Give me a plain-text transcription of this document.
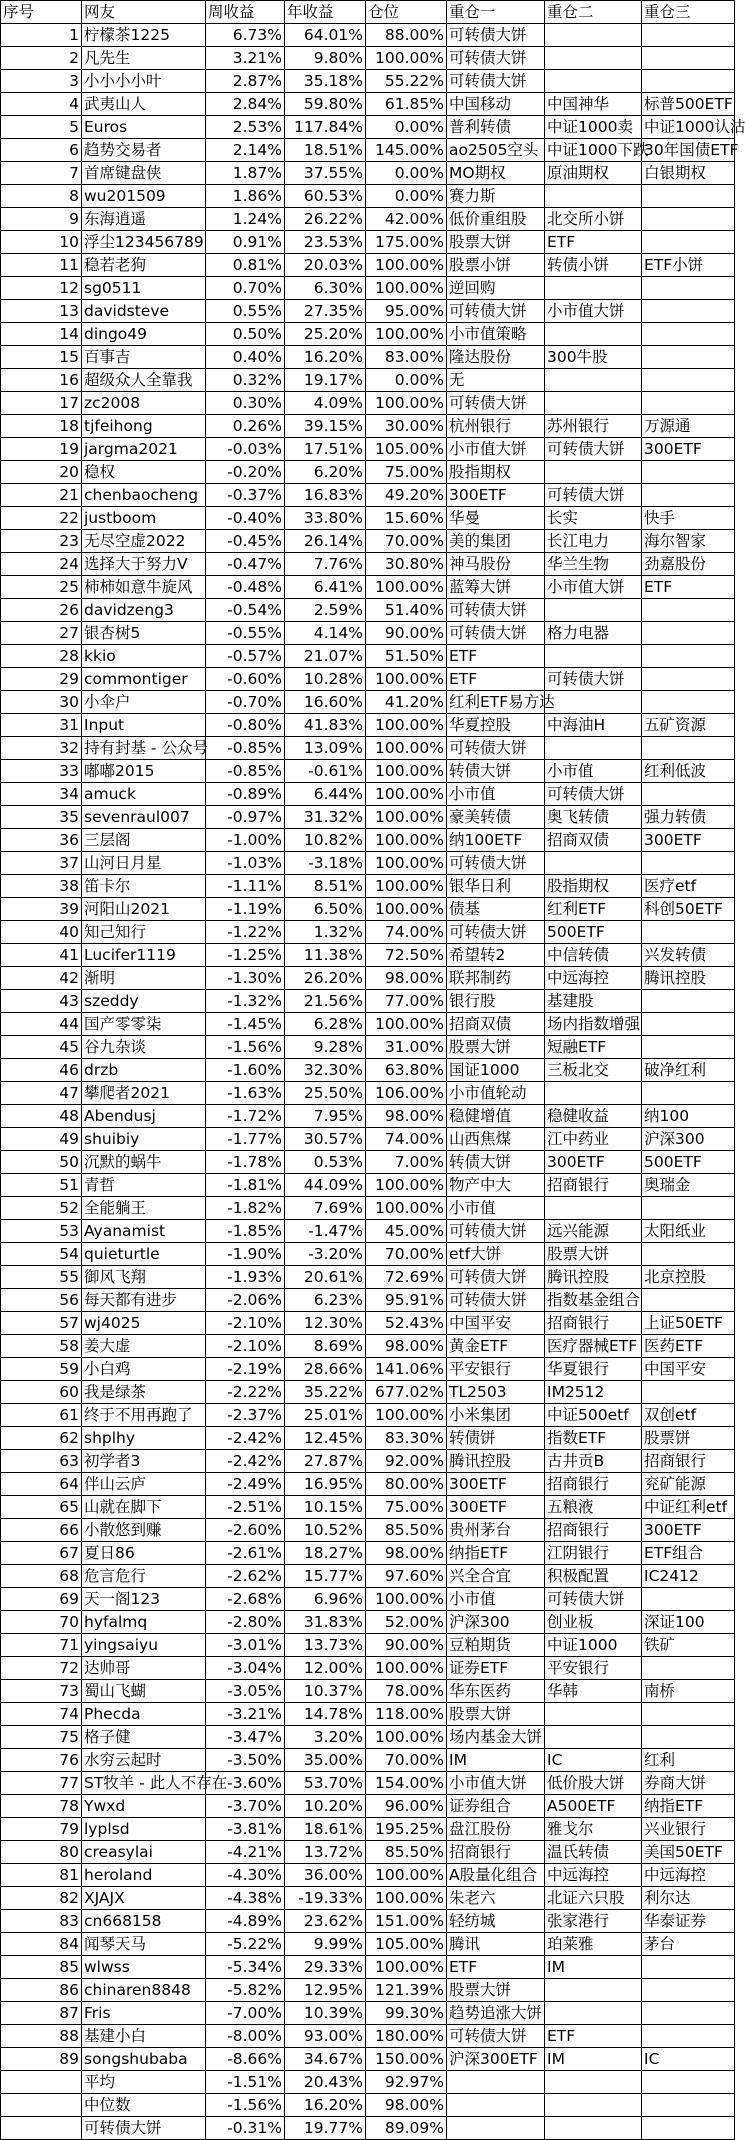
序号	网友	周收益	年收益	仓位	重仓一	重仓二	重仓三
1	柠檬茶1225	6.73%	64.01%	88.00%	可转债大饼		
2	凡先生	3.21%	9.80%	100.00%	可转债大饼		
3	小小小小叶	2.87%	35.18%	55.22%	可转债大饼		
4	武夷山人	2.84%	59.80%	61.85%	中国移动	中国神华	标普500ETF
5	Euros	2.53%	117.84%	0.00%	普利转债	中证1000卖	中证1000认沽
6	趋势交易者	2.14%	18.51%	145.00%	ao2505空头	中证1000下跌	30年国债ETF
7	首席键盘侠	1.87%	37.55%	0.00%	MO期权	原油期权	白银期权
8	wu201509	1.86%	60.53%	0.00%	赛力斯		
9	东海逍遥	1.24%	26.22%	42.00%	低价重组股	北交所小饼	
10	浮尘123456789	0.91%	23.53%	175.00%	股票大饼	ETF	
11	稳若老狗	0.81%	20.03%	100.00%	股票小饼	转债小饼	ETF小饼
12	sg0511	0.70%	6.30%	100.00%	逆回购		
13	davidsteve	0.55%	27.35%	95.00%	可转债大饼	小市值大饼	
14	dingo49	0.50%	25.20%	100.00%	小市值策略		
15	百事吉	0.40%	16.20%	83.00%	隆达股份	300牛股	
16	超级众人全靠我	0.32%	19.17%	0.00%	无		
17	zc2008	0.30%	4.09%	100.00%	可转债大饼		
18	tjfeihong	0.26%	39.15%	30.00%	杭州银行	苏州银行	万源通
19	jargma2021	-0.03%	17.51%	105.00%	小市值大饼	可转债大饼	300ETF
20	稳权	-0.20%	6.20%	75.00%	股指期权		
21	chenbaocheng	-0.37%	16.83%	49.20%	300ETF	可转债大饼	
22	justboom	-0.40%	33.80%	15.60%	华曼	长实	快手
23	无尽空虚2022	-0.45%	26.14%	70.00%	美的集团	长江电力	海尔智家
24	选择大于努力V	-0.47%	7.76%	30.80%	神马股份	华兰生物	劲嘉股份
25	柿柿如意牛旋风	-0.48%	6.41%	100.00%	蓝筹大饼	小市值大饼	ETF
26	davidzeng3	-0.54%	2.59%	51.40%	可转债大饼		
27	银杏树5	-0.55%	4.14%	90.00%	可转债大饼	格力电器	
28	kkio	-0.57%	21.07%	51.50%	ETF		
29	commontiger	-0.60%	10.28%	100.00%	ETF	可转债大饼	
30	小伞户	-0.70%	16.60%	41.20%	红利ETF易方达		
31	Input	-0.80%	41.83%	100.00%	华夏控股	中海油H	五矿资源
32	持有封基 - 公众号	-0.85%	13.09%	100.00%	可转债大饼		
33	嘟嘟2015	-0.85%	-0.61%	100.00%	转债大饼	小市值	红利低波
34	amuck	-0.89%	6.44%	100.00%	小市值	可转债大饼	
35	sevenraul007	-0.97%	31.32%	100.00%	豪美转债	奥飞转债	强力转债
36	三层阁	-1.00%	10.82%	100.00%	纳100ETF	招商双债	300ETF
37	山河日月星	-1.03%	-3.18%	100.00%	可转债大饼		
38	笛卡尔	-1.11%	8.51%	100.00%	银华日利	股指期权	医疗etf
39	河阳山2021	-1.19%	6.50%	100.00%	债基	红利ETF	科创50ETF
40	知己知行	-1.22%	1.32%	74.00%	可转债大饼	500ETF	
41	Lucifer1119	-1.25%	11.38%	72.50%	希望转2	中信转债	兴发转债
42	渐明	-1.30%	26.20%	98.00%	联邦制药	中远海控	腾讯控股
43	szeddy	-1.32%	21.56%	77.00%	银行股	基建股	
44	国产零零柒	-1.45%	6.28%	100.00%	招商双债	场内指数增强	
45	谷九杂谈	-1.56%	9.28%	31.00%	股票大饼	短融ETF	
46	drzb	-1.60%	32.30%	63.80%	国证1000	三板北交	破净红利
47	攀爬者2021	-1.63%	25.50%	106.00%	小市值轮动		
48	Abendusj	-1.72%	7.95%	98.00%	稳健增值	稳健收益	纳100
49	shuibiy	-1.77%	30.57%	74.00%	山西焦煤	江中药业	沪深300
50	沉默的蜗牛	-1.78%	0.53%	7.00%	转债大饼	300ETF	500ETF
51	青哲	-1.81%	44.09%	100.00%	物产中大	招商银行	奥瑞金
52	全能躺王	-1.82%	7.69%	100.00%	小市值		
53	Ayanamist	-1.85%	-1.47%	45.00%	可转债大饼	远兴能源	太阳纸业
54	quieturtle	-1.90%	-3.20%	70.00%	etf大饼	股票大饼	
55	御风飞翔	-1.93%	20.61%	72.69%	可转债大饼	腾讯控股	北京控股
56	每天都有进步	-2.06%	6.23%	95.91%	可转债大饼	指数基金组合	
57	wj4025	-2.10%	12.30%	52.43%	中国平安	招商银行	上证50ETF
58	姜大虚	-2.10%	8.69%	98.00%	黄金ETF	医疗器械ETF	医药ETF
59	小白鸡	-2.19%	28.66%	141.06%	平安银行	华夏银行	中国平安
60	我是绿茶	-2.22%	35.22%	677.02%	TL2503	IM2512	
61	终于不用再跑了	-2.37%	25.01%	100.00%	小米集团	中证500etf	双创etf
62	shplhy	-2.42%	12.45%	83.30%	转债饼	指数ETF	股票饼
63	初学者3	-2.42%	27.87%	92.00%	腾讯控股	古井贡B	招商银行
64	伴山云庐	-2.49%	16.95%	80.00%	300ETF	招商银行	兖矿能源
65	山就在脚下	-2.51%	10.15%	75.00%	300ETF	五粮液	中证红利etf
66	小散悠到赚	-2.60%	10.52%	85.50%	贵州茅台	招商银行	300ETF
67	夏日86	-2.61%	18.27%	98.00%	纳指ETF	江阴银行	ETF组合
68	危言危行	-2.62%	15.77%	97.60%	兴全合宜	积极配置	IC2412
69	天一阁123	-2.68%	6.96%	100.00%	小市值	可转债大饼	
70	hyfalmq	-2.80%	31.83%	52.00%	沪深300	创业板	深证100
71	yingsaiyu	-3.01%	13.73%	90.00%	豆粕期货	中证1000	铁矿
72	达帅哥	-3.04%	12.00%	100.00%	证券ETF	平安银行	
73	蜀山飞蝴	-3.05%	10.37%	78.00%	华东医药	华韩	南桥
74	Phecda	-3.21%	14.78%	118.00%	股票大饼		
75	格子健	-3.47%	3.20%	100.00%	场内基金大饼		
76	水穷云起时	-3.50%	35.00%	70.00%	IM	IC	红利
77	ST牧羊 - 此人不存在	-3.60%	53.70%	154.00%	小市值大饼	低价股大饼	券商大饼
78	Ywxd	-3.70%	10.20%	96.00%	证券组合	A500ETF	纳指ETF
79	lyplsd	-3.81%	18.61%	195.25%	盘江股份	雅戈尔	兴业银行
80	creasylai	-4.21%	13.72%	85.50%	招商银行	温氏转债	美国50ETF
81	heroland	-4.30%	36.00%	100.00%	A股量化组合	中远海控	中远海控
82	XJAJX	-4.38%	-19.33%	100.00%	朱老六	北证六只股	利尔达
83	cn668158	-4.89%	23.62%	151.00%	轻纺城	张家港行	华泰证券
84	闻琴天马	-5.22%	9.99%	105.00%	腾讯	珀莱雅	茅台
85	wlwss	-5.34%	29.33%	100.00%	ETF	IM	
86	chinaren8848	-5.82%	12.95%	121.39%	股票大饼		
87	Fris	-7.00%	10.39%	99.30%	趋势追涨大饼		
88	基建小白	-8.00%	93.00%	180.00%	可转债大饼	ETF	
89	songshubaba	-8.66%	34.67%	150.00%	沪深300ETF	IM	IC
	平均	-1.51%	20.43%	92.97%			
	中位数	-1.56%	16.20%	98.00%			
	可转债大饼	-0.31%	19.77%	89.09%			
